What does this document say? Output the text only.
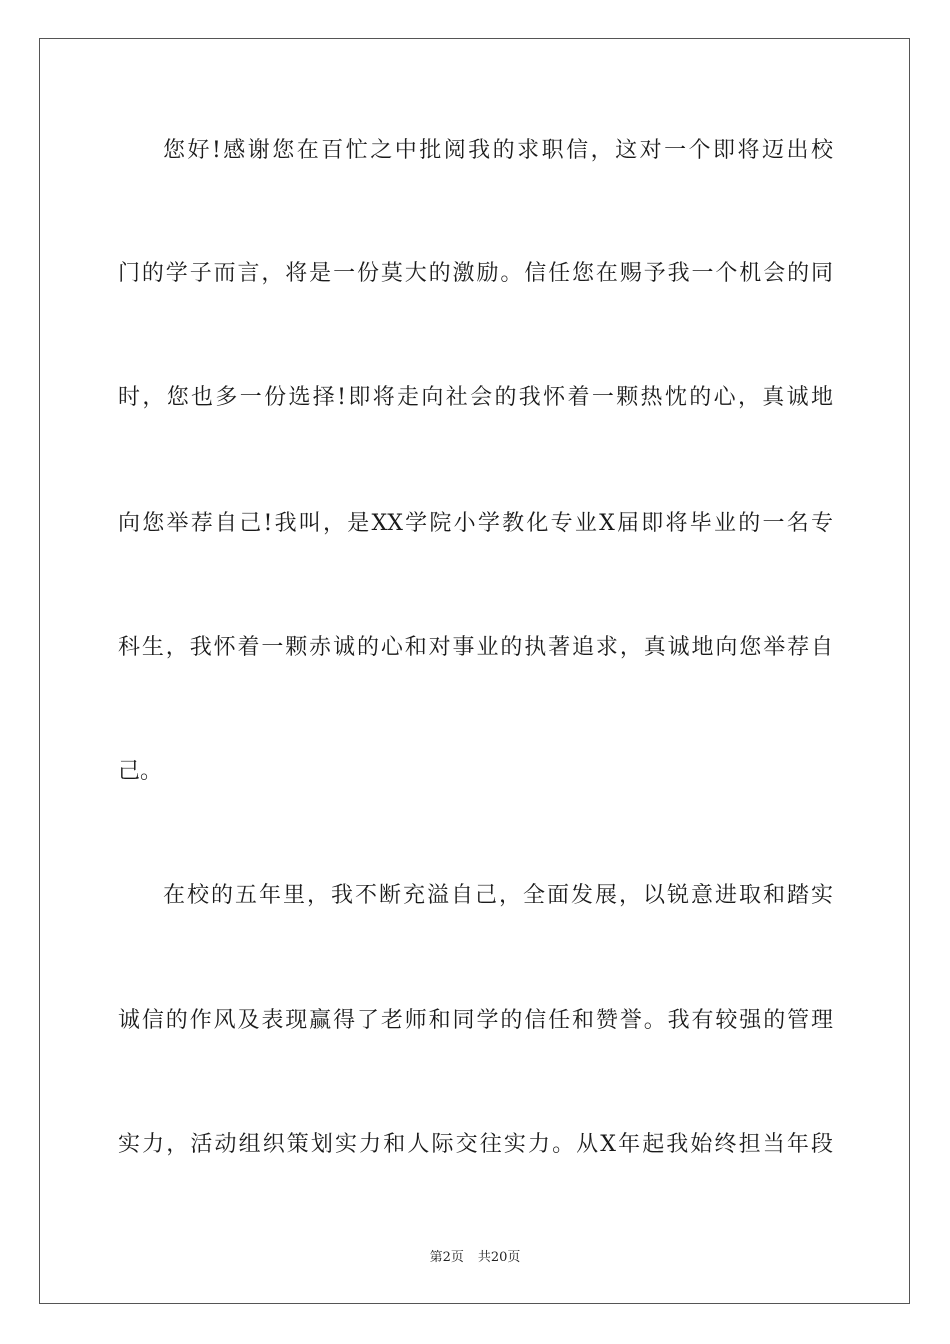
您好!感谢您在百忙之中批阅我的求职信，这对一个即将迈出校
门的学子而言，将是一份莫大的激励。信任您在赐予我一个机会的同
时，您也多一份选择!即将走向社会的我怀着一颗热忱的心，真诚地
向您举荐自己!我叫，是XX学院小学教化专业X届即将毕业的一名专
科生，我怀着一颗赤诚的心和对事业的执著追求，真诚地向您举荐自
己。
在校的五年里，我不断充溢自己，全面发展，以锐意进取和踏实
诚信的作风及表现赢得了老师和同学的信任和赞誉。我有较强的管理
实力，活动组织策划实力和人际交往实力。从X年起我始终担当年段
第2页 共20页
